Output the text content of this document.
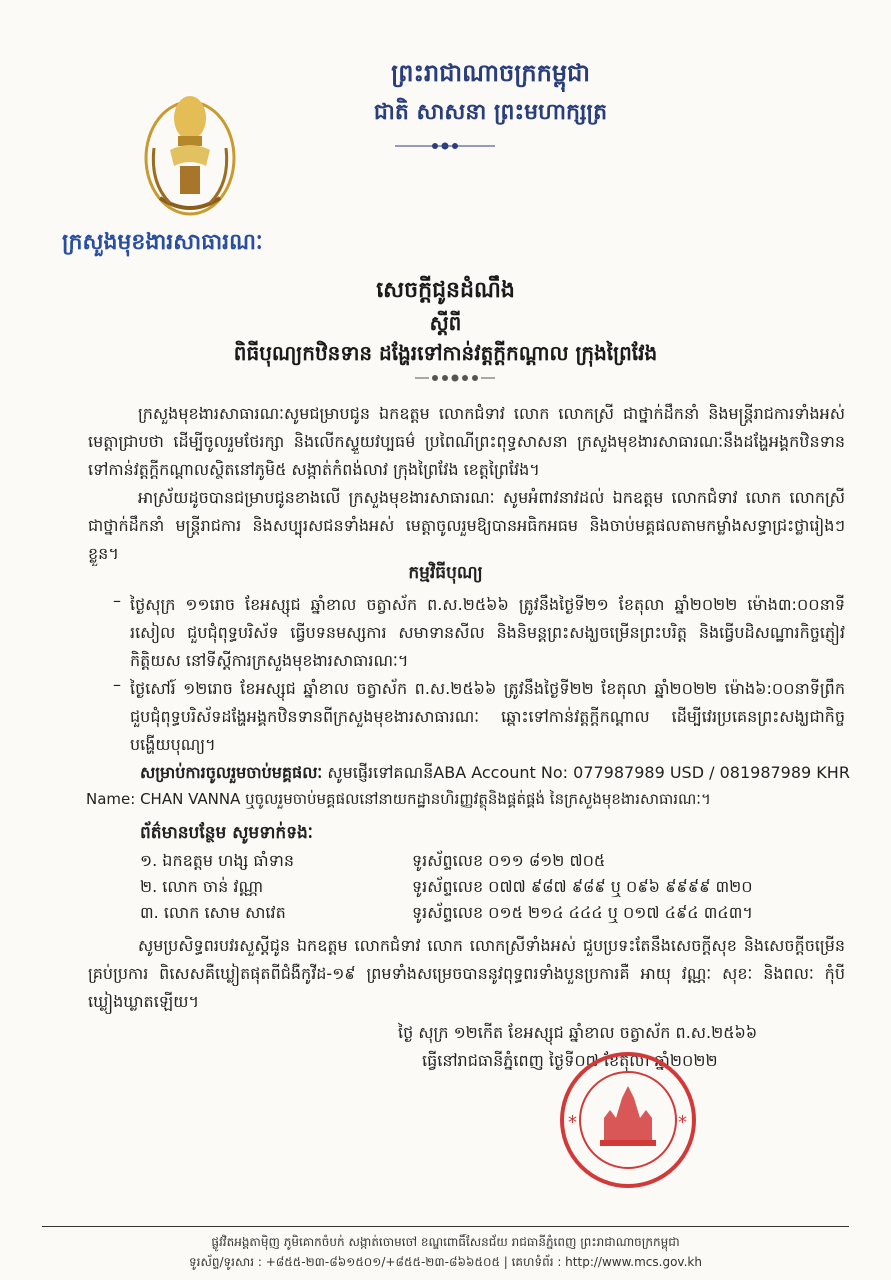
ព្រះរាជាណាចក្រកម្ពុជា
ជាតិ សាសនា ព្រះមហាក្សត្រ
ក្រសួងមុខងារសាធារណៈ
សេចក្តីជូនដំណឹង
ស្តីពី
ពិធីបុណ្យកឋិនទាន ដង្ហែរទៅកាន់វត្តក្តីកណ្តាល ក្រុងព្រៃវែង
ក្រសួងមុខងារសាធារណៈសូមជម្រាបជូន ឯកឧត្តម លោកជំទាវ លោក លោកស្រី ជាថ្នាក់ដឹកនាំ និងមន្ត្រីរាជការទាំងអស់មេត្តាជ្រាបថា ដើម្បីចូលរួមថែរក្សា និងលើកស្ទួយវប្បធម៌ ប្រពៃណីព្រះពុទ្ធសាសនា ក្រសួងមុខងារសាធារណៈនឹងដង្ហែអង្គកឋិនទានទៅកាន់វត្តក្តីកណ្តាលស្ថិតនៅភូមិ៥ សង្កាត់កំពង់លាវ ក្រុងព្រៃវែង ខេត្តព្រៃវែង។
អាស្រ័យដូចបានជម្រាបជូនខាងលើ ក្រសួងមុខងារសាធារណៈ សូមអំពាវនាវដល់ ឯកឧត្តម លោកជំទាវ លោក លោកស្រី ជាថ្នាក់ដឹកនាំ មន្ត្រីរាជការ និងសប្បុរសជនទាំងអស់ មេត្តាចូលរួមឱ្យបានអធិកអធម និងចាប់មគ្គផលតាមកម្លាំងសទ្ធាជ្រះថ្លារៀងៗខ្លួន។
កម្មវិធីបុណ្យ
– ថ្ងៃសុក្រ ១១រោច ខែអស្សុជ ឆ្នាំខាល ចត្វាស័ក ព.ស.២៥៦៦ ត្រូវនឹងថ្ងៃទី២១ ខែតុលា ឆ្នាំ២០២២ ម៉ោង៣:០០នាទីរសៀល ជួបជុំពុទ្ធបរិស័ទ ធ្វើបទនមស្សការ សមាទានសីល និងនិមន្តព្រះសង្ឃចម្រើនព្រះបរិត្ត និងធ្វើបដិសណ្ឋារកិច្ចភ្ញៀវកិត្តិយស នៅទីស្តីការក្រសួងមុខងារសាធារណៈ។
– ថ្ងៃសៅរ៍ ១២រោច ខែអស្សុជ ឆ្នាំខាល ចត្វាស័ក ព.ស.២៥៦៦ ត្រូវនឹងថ្ងៃទី២២ ខែតុលា ឆ្នាំ២០២២ ម៉ោង៦:០០នាទីព្រឹក ជួបជុំពុទ្ធបរិស័ទដង្ហែអង្គកឋិនទានពីក្រសួងមុខងារសាធារណៈ ឆ្ពោះទៅកាន់វត្តក្តីកណ្តាល ដើម្បីវេរប្រគេនព្រះសង្ឃជាកិច្ចបង្ហើយបុណ្យ។
សម្រាប់ការចូលរួមចាប់មគ្គផលៈ សូមផ្ញើរទៅគណនីABA Account No: 077987989 USD / 081987989 KHR
Name: CHAN VANNA ឬចូលរួមចាប់មគ្គផលនៅនាយកដ្ឋានហិរញ្ញវត្ថុនិងផ្គត់ផ្គង់ នៃក្រសួងមុខងារសាធារណៈ។
ព័ត៌មានបន្ថែម សូមទាក់ទងៈ
១. ឯកឧត្តម ហង្ស ធាំទាន	ទូរស័ព្ទលេខ ០១១ ៨១២ ៧០៥
២. លោក ចាន់ វណ្ណា	ទូរស័ព្ទលេខ ០៧៧ ៩៨៧ ៩៨៩ ឬ ០៩៦ ៩៩៩៩ ៣២០
៣. លោក សោម សាវេត	ទូរស័ព្ទលេខ ០១៥ ២១៤ ៤៤៤ ឬ ០១៧ ៤៩៤ ៣៤៣។
សូមប្រសិទ្ធពរបវរសួស្តីជូន ឯកឧត្តម លោកជំទាវ លោក លោកស្រីទាំងអស់ ជួបប្រទះតែនឹងសេចក្តីសុខ និងសេចក្តីចម្រើនគ្រប់ប្រការ ពិសេសគឺឃ្លៀតផុតពីជំងឺកូវីដ-១៩ ព្រមទាំងសម្រេចបាននូវពុទ្ធពរទាំងបួនប្រការគឺ អាយុ វណ្ណៈ សុខៈ និងពលៈ កុំបីឃ្លៀងឃ្លាតឡើយ។
ថ្ងៃ សុក្រ ១២កើត ខែអស្សុជ ឆ្នាំខាល ចត្វាស័ក ព.ស.២៥៦៦
ធ្វើនៅរាជធានីភ្នំពេញ ថ្ងៃទី០៧ ខែតុលា ឆ្នាំ២០២២
*	*
ផ្លូវវិតអង្គតាម៉ិញ ភូមិគោកចំបក់ សង្កាត់ចោមចៅ ខណ្ឌពោធិ៍សែនជ័យ រាជធានីភ្នំពេញ ព្រះរាជាណាចក្រកម្ពុជា
ទូរស័ព្ទ/ទូរសារ : +៨៥៥-២៣-៨៦១៥០១/+៨៥៥-២៣-៨៦៦៥០៥ | គេហទំព័រ : http://www.mcs.gov.kh
